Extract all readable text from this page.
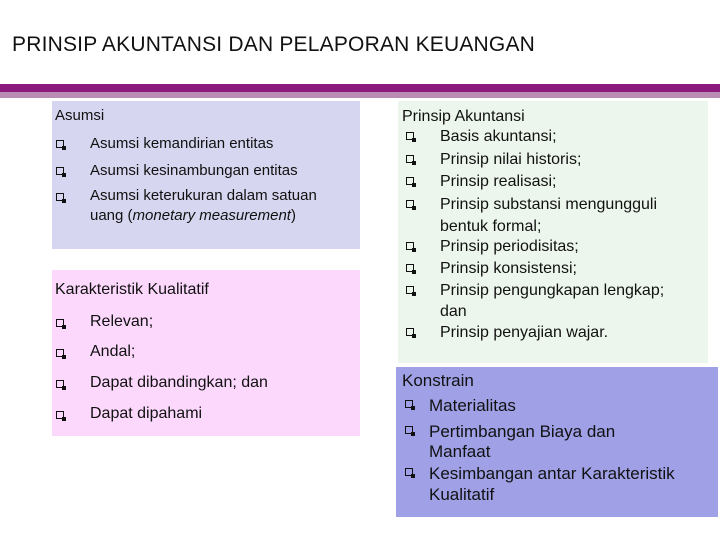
PRINSIP AKUNTANSI DAN PELAPORAN KEUANGAN
Asumsi
Asumsi kemandirian entitas
Asumsi kesinambungan entitas
Asumsi keterukuran dalam satuan
uang (monetary measurement)
Karakteristik Kualitatif
Relevan;
Andal;
Dapat dibandingkan; dan
Dapat dipahami
Prinsip Akuntansi
Basis akuntansi;
Prinsip nilai historis;
Prinsip realisasi;
Prinsip substansi mengungguli
bentuk formal;
Prinsip periodisitas;
Prinsip konsistensi;
Prinsip pengungkapan lengkap;
dan
Prinsip penyajian wajar.
Konstrain
Materialitas
Pertimbangan Biaya dan
Manfaat
Kesimbangan antar Karakteristik
Kualitatif
